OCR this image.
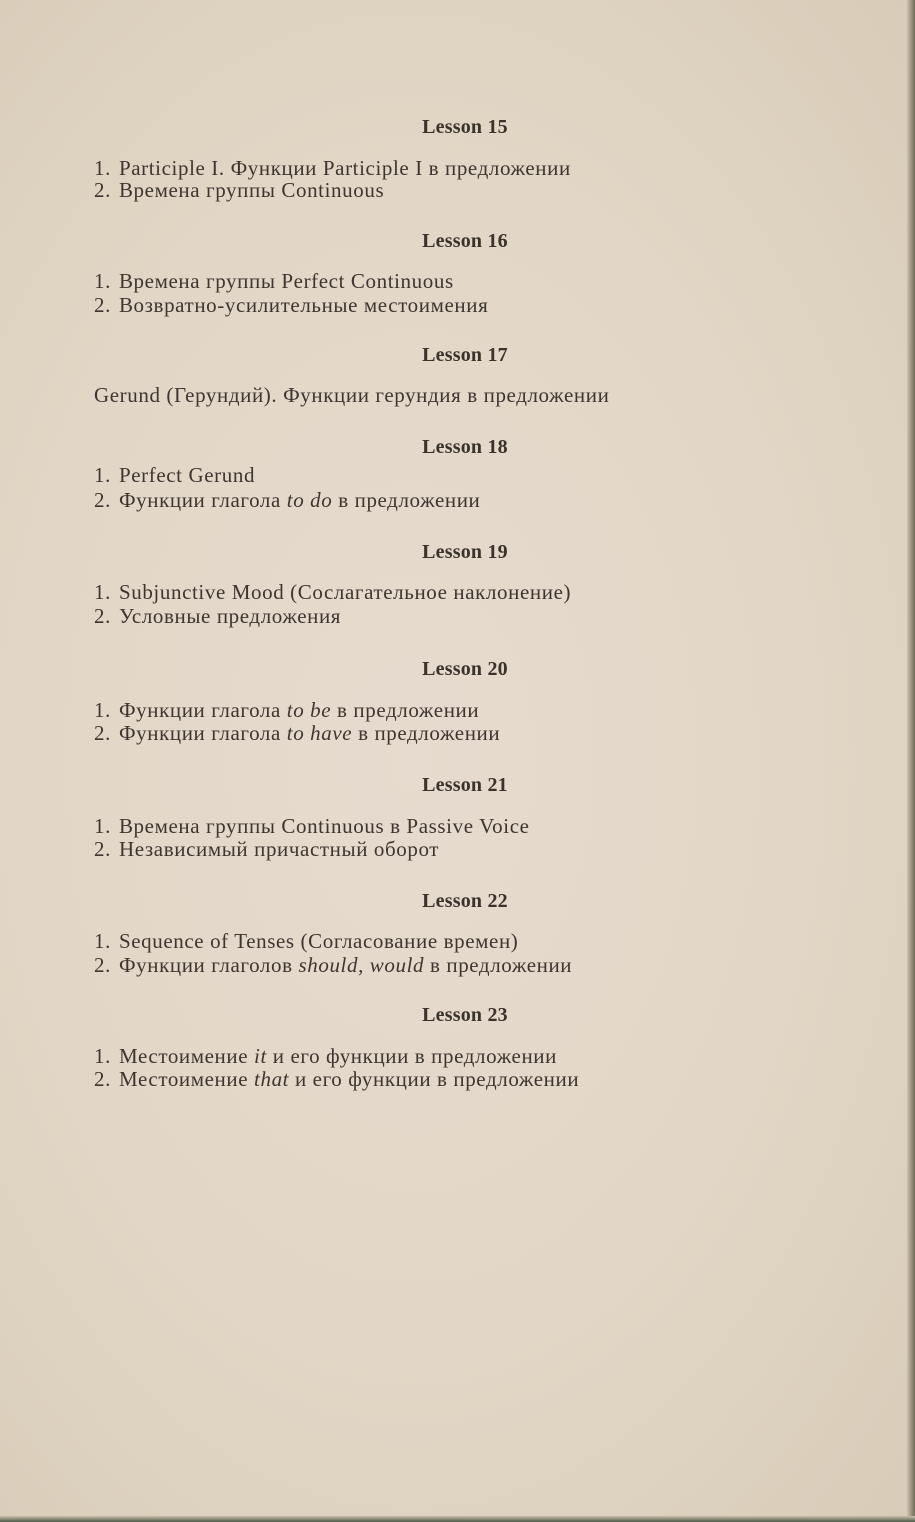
Lesson 15
1. Participle I. Функции Participle I в предложении
2. Времена группы Continuous
Lesson 16
1. Времена группы Perfect Continuous
2. Возвратно-усилительные местоимения
Lesson 17
Gerund (Герундий). Функции герундия в предложении
Lesson 18
1. Perfect Gerund
2. Функции глагола to do в предложении
Lesson 19
1. Subjunctive Mood (Сослагательное наклонение)
2. Условные предложения
Lesson 20
1. Функции глагола to be в предложении
2. Функции глагола to have в предложении
Lesson 21
1. Времена группы Continuous в Passive Voice
2. Независимый причастный оборот
Lesson 22
1. Sequence of Tenses (Согласование времен)
2. Функции глаголов should, would в предложении
Lesson 23
1. Местоимение it и его функции в предложении
2. Местоимение that и его функции в предложении
